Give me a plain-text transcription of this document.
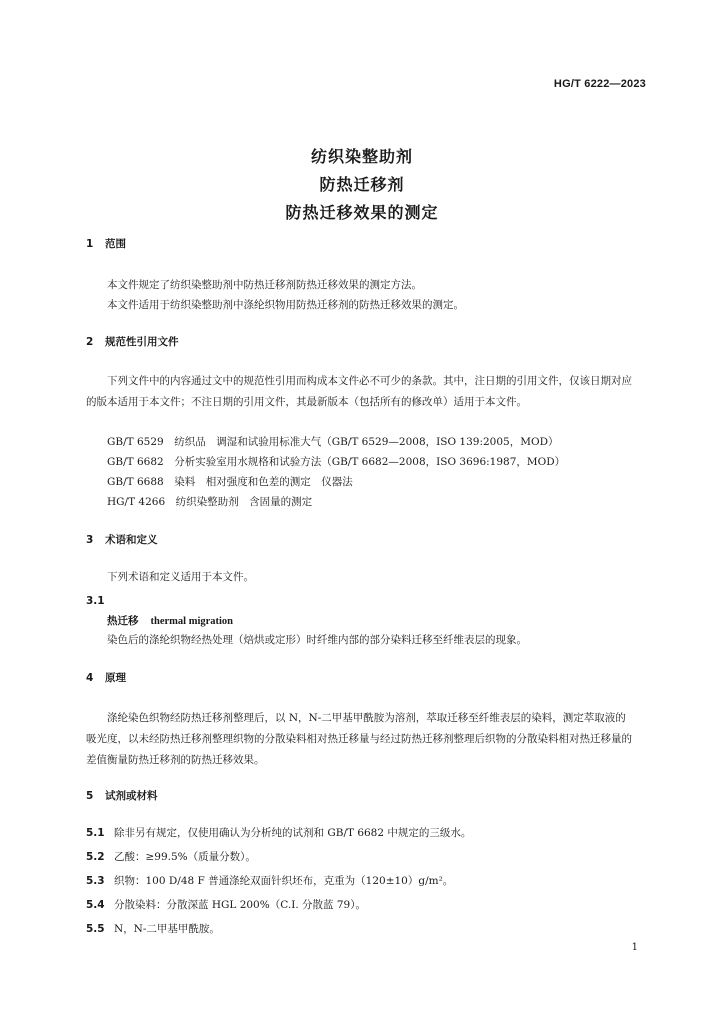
HG/T 6222—2023
纺织染整助剂
防热迁移剂
防热迁移效果的测定
1 范围
本文件规定了纺织染整助剂中防热迁移剂防热迁移效果的测定方法。
本文件适用于纺织染整助剂中涤纶织物用防热迁移剂的防热迁移效果的测定。
2 规范性引用文件

下列文件中的内容通过文中的规范性引用而构成本文件必不可少的条款。其中，注日期的引用文件，仅该日期对应的版本适用于本文件；不注日期的引用文件，其最新版本（包括所有的修改单）适用于本文件。

GB/T 6529　纺织品　调湿和试验用标准大气（GB/T 6529—2008，ISO 139:2005，MOD）
GB/T 6682　分析实验室用水规格和试验方法（GB/T 6682—2008，ISO 3696:1987，MOD）
GB/T 6688　染料　相对强度和色差的测定　仪器法
HG/T 4266　纺织染整助剂　含固量的测定
3 术语和定义
下列术语和定义适用于本文件。
3.1
热迁移 thermal migration
染色后的涤纶织物经热处理（焙烘或定形）时纤维内部的部分染料迁移至纤维表层的现象。
4 原理

涤纶染色织物经防热迁移剂整理后，以 N，N-二甲基甲酰胺为溶剂，萃取迁移至纤维表层的染料，测定萃取液的吸光度，以未经防热迁移剂整理织物的分散染料相对热迁移量与经过防热迁移剂整理后织物的分散染料相对热迁移量的差值衡量防热迁移剂的防热迁移效果。

5 试剂或材料
5.1 除非另有规定，仅使用确认为分析纯的试剂和 GB/T 6682 中规定的三级水。
5.2 乙酸：≥99.5%（质量分数）。
5.3 织物：100 D/48 F 普通涤纶双面针织坯布，克重为（120±10）g/m²。
5.4 分散染料：分散深蓝 HGL 200%（C.I. 分散蓝 79）。
5.5 N，N-二甲基甲酰胺。
1
